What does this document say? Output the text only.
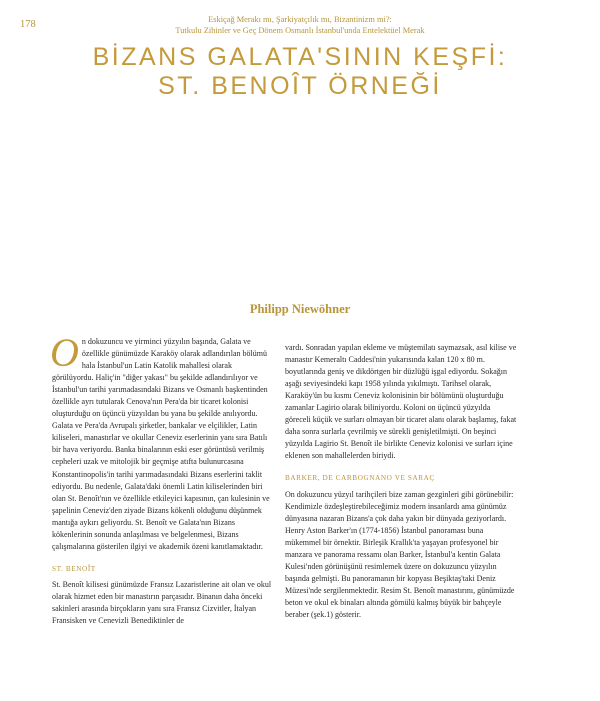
178	Eskiçağ Merakı mı, Şarkiyatçılık mı, Bizantinizm mi?:
Tutkulu Zihinler ve Geç Dönem Osmanlı İstanbul'unda Entelektüel Merak
BİZANS GALATA'SININ KEŞFİ:
ST. BENOÎT ÖRNEĞİ
Philipp Niewöhner

On dokuzuncu ve yirminci yüzyılın başında, Galata ve özellikle günümüzde Karaköy olarak adlandırılan bölümü hala İstanbul'un Latin Katolik mahallesi olarak görülüyordu. Haliç'in "diğer yakası" bu şekilde adlandırılıyor ve İstanbul'un tarihi yarımadasındaki Bizans ve Osmanlı başkentinden özellikle ayrı tutularak Cenova'nın Pera'da bir ticaret kolonisi oluşturduğu on üçüncü yüzyıldan bu yana bu şekilde anılıyordu. Galata ve Pera'da Avrupalı şirketler, bankalar ve elçilikler, Latin kiliseleri, manastırlar ve okullar Ceneviz eserlerinin yanı sıra Batılı bir hava veriyordu. Banka binalarının eski eser görüntüsü verilmiş cepheleri uzak ve mitolojik bir geçmişe atıfta bulunurcasına Konstantinopolis'in tarihi yarımadasındaki Bizans eserlerini taklit ediyordu. Bu nedenle, Galata'daki önemli Latin kiliselerinden biri olan St. Benoît'nın ve özellikle etkileyici kapısının, çan kulesinin ve şapelinin Ceneviz'den ziyade Bizans kökenli olduğunu düşünmek mantığa aykırı geliyordu. St. Benoît ve Galata'nın Bizans kökenlerinin sonunda anlaşılması ve belgelenmesi, Bizans çalışmalarına gösterilen ilgiyi ve akademik özeni kanıtlamaktadır.

ST. BENOÎT

St. Benoît kilisesi günümüzde Fransız Lazaristlerine ait olan ve okul olarak hizmet eden bir manastırın parçasıdır. Binanın daha önceki sakinleri arasında birçokların yanı sıra Fransız Cizvitler, İtalyan Fransisken ve Cenevizli Benediktinler de

vardı. Sonradan yapılan ekleme ve müştemilatı saymazsak, asıl kilise ve manastır Kemeraltı Caddesi'nin yukarısında kalan 120 x 80 m. boyutlarında geniş ve dikdörtgen bir düzlüğü işgal ediyordu. Sokağın aşağı seviyesindeki kapı 1958 yılında yıkılmıştı. Tarihsel olarak, Karaköy'ün bu kısmı Ceneviz kolonisinin bir bölümünü oluşturduğu zamanlar Lagirio olarak biliniyordu. Koloni on üçüncü yüzyılda göreceli küçük ve surları olmayan bir ticaret alanı olarak başlamış, fakat daha sonra surlarla çevrilmiş ve sürekli genişletilmişti. On beşinci yüzyılda Lagirio St. Benoît ile birlikte Ceneviz kolonisi ve surları içine eklenen son mahallelerden biriydi.

BARKER, DE CARBOGNANO VE SARAÇ

On dokuzuncu yüzyıl tarihçileri bize zaman gezginleri gibi görünebilir: Kendimizle özdeşleştirebileceğimiz modern insanlardı ama günümüz dünyasına nazaran Bizans'a çok daha yakın bir dünyada geziyorlardı. Henry Aston Barker'ın (1774-1856) İstanbul panoraması buna mükemmel bir örnektir. Birleşik Krallık'ta yaşayan profesyonel bir manzara ve panorama ressamı olan Barker, İstanbul'a kentin Galata Kulesi'nden görünüşünü resimlemek üzere on dokuzuncu yüzyılın başında gelmişti. Bu panoramanın bir kopyası Beşiktaş'taki Deniz Müzesi'nde sergilenmektedir. Resim St. Benoît manastırını, günümüzde beton ve okul ek binaları altında gömülü kalmış büyük bir bahçeyle beraber (şek.1) gösterir.
